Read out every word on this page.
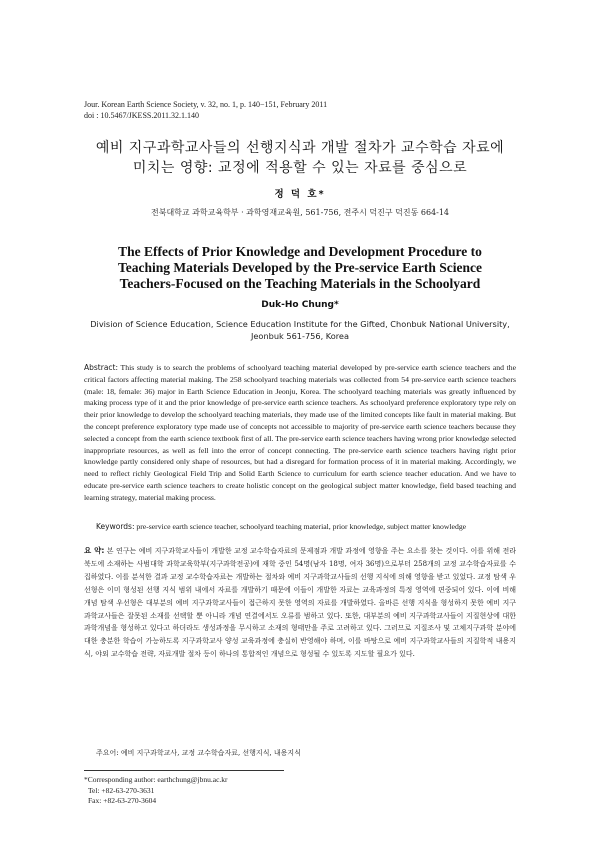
Jour. Korean Earth Science Society, v. 32, no. 1, p. 140−151, February 2011
doi : 10.5467/JKESS.2011.32.1.140
예비 지구과학교사들의 선행지식과 개발 절차가 교수학습 자료에
미치는 영향: 교정에 적용할 수 있는 자료를 중심으로
정 덕 호*
전북대학교 과학교육학부 · 과학영재교육원, 561-756, 전주시 덕진구 덕진동 664-14
The Effects of Prior Knowledge and Development Procedure to
Teaching Materials Developed by the Pre-service Earth Science
Teachers-Focused on the Teaching Materials in the Schoolyard
Duk-Ho Chung*
Division of Science Education, Science Education Institute for the Gifted, Chonbuk National University,
Jeonbuk 561-756, Korea
Abstract: This study is to search the problems of schoolyard teaching material developed by pre-service earth science teachers and the critical factors affecting material making. The 258 schoolyard teaching materials was collected from 54 pre-service earth science teachers (male: 18, female: 36) major in Earth Science Education in Jeonju, Korea. The schoolyard teaching materials was greatly influenced by making process type of it and the prior knowledge of pre-service earth science teachers. As schoolyard preference exploratory type rely on their prior knowledge to develop the schoolyard teaching materials, they made use of the limited concepts like fault in material making. But the concept preference exploratory type made use of concepts not accessible to majority of pre-service earth science teachers because they selected a concept from the earth science textbook first of all. The pre-service earth science teachers having wrong prior knowledge selected inappropriate resources, as well as fell into the error of concept connecting. The pre-service earth science teachers having right prior knowledge partly considered only shape of resources, but had a disregard for formation process of it in material making. Accordingly, we need to reflect richly Geological Field Trip and Solid Earth Science to curriculum for earth science teacher education. And we have to educate pre-service earth science teachers to create holistic concept on the geological subject matter knowledge, field based teaching and learning strategy, material making process.
Keywords: pre-service earth science teacher, schoolyard teaching material, prior knowledge, subject matter knowledge
요 약: 본 연구는 예비 지구과학교사들이 개발한 교정 교수학습자료의 문제점과 개발 과정에 영향을 주는 요소를 찾는 것이다. 이를 위해 전라북도에 소재하는 사범대학 과학교육학부(지구과학전공)에 재학 중인 54명(남자 18명, 여자 36명)으로부터 258개의 교정 교수학습자료를 수집하였다. 이를 분석한 결과 교정 교수학습자료는 개발하는 절차와 예비 지구과학교사들의 선행 지식에 의해 영향을 받고 있었다. 교정 탐색 우선형은 이미 형성된 선행 지식 범위 내에서 자료를 개발하기 때문에 이들이 개발한 자료는 교육과정의 특정 영역에 편중되어 있다. 이에 비해 개념 탐색 우선형은 대부분의 예비 지구과학교사들이 접근하지 못한 영역의 자료를 개발하였다. 올바른 선행 지식을 형성하지 못한 예비 지구과학교사들은 잘못된 소재를 선택할 뿐 아니라 개념 연결에서도 오류를 범하고 있다. 또한, 대부분의 예비 지구과학교사들이 지질현상에 대한 과학개념을 형성하고 있다고 하더라도 생성과정을 무시하고 소재의 형태만을 주로 고려하고 있다. 그러므로 지질조사 및 고체지구과학 분야에 대한 충분한 학습이 가능하도록 지구과학교사 양성 교육과정에 충실히 반영해야 하며, 이를 바탕으로 예비 지구과학교사들의 지질학적 내용지식, 야외 교수학습 전략, 자료개발 절차 등이 하나의 통합적인 개념으로 형성될 수 있도록 지도할 필요가 있다.
주요어: 예비 지구과학교사, 교정 교수학습자료, 선행지식, 내용지식
*Corresponding author: earthchung@jbnu.ac.kr
Tel: +82-63-270-3631
Fax: +82-63-270-3604
